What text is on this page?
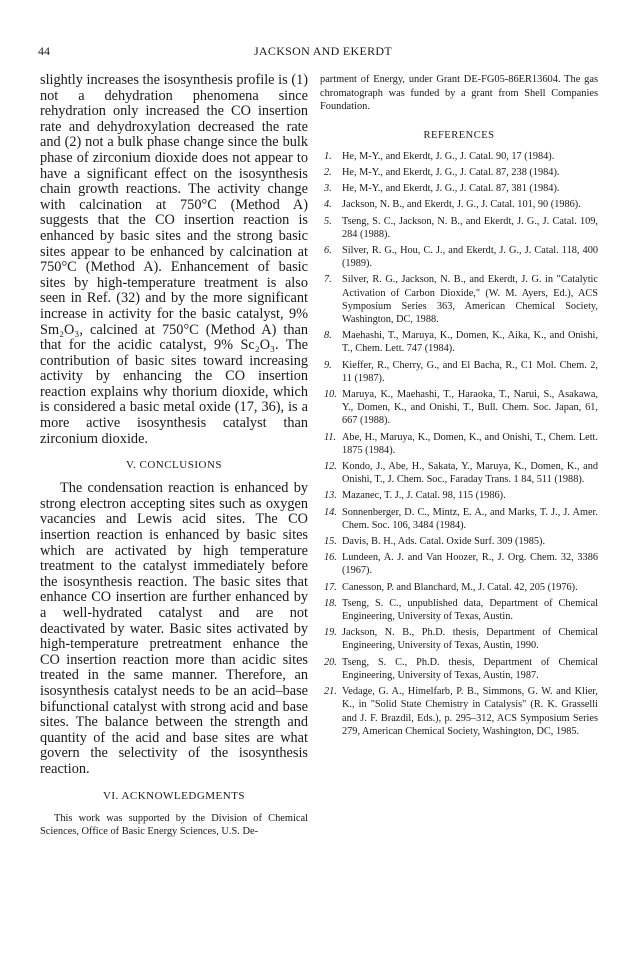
44	JACKSON AND EKERDT

slightly increases the isosynthesis profile is (1) not a dehydration phenomena since rehydration only increased the CO insertion rate and dehydroxylation decreased the rate and (2) not a bulk phase change since the bulk phase of zirconium dioxide does not appear to have a significant effect on the isosynthesis chain growth reactions. The activity change with calcination at 750°C (Method A) suggests that the CO insertion reaction is enhanced by basic sites and the strong basic sites appear to be enhanced by calcination at 750°C (Method A). Enhancement of basic sites by high-temperature treatment is also seen in Ref. (32) and by the more significant increase in activity for the basic catalyst, 9% Sm₂O₃, calcined at 750°C (Method A) than that for the acidic catalyst, 9% Sc₂O₃. The contribution of basic sites toward increasing activity by enhancing the CO insertion reaction explains why thorium dioxide, which is considered a basic metal oxide (17, 36), is a more active isosynthesis catalyst than zirconium dioxide.

V. CONCLUSIONS

The condensation reaction is enhanced by strong electron accepting sites such as oxygen vacancies and Lewis acid sites. The CO insertion reaction is enhanced by basic sites which are activated by high temperature treatment to the catalyst immediately before the isosynthesis reaction. The basic sites that enhance CO insertion are further enhanced by a well-hydrated catalyst and are not deactivated by water. Basic sites activated by high-temperature pretreatment enhance the CO insertion reaction more than acidic sites treated in the same manner. Therefore, an isosynthesis catalyst needs to be an acid–base bifunctional catalyst with strong acid and base sites. The balance between the strength and quantity of the acid and base sites are what govern the selectivity of the isosynthesis reaction.

VI. ACKNOWLEDGMENTS

This work was supported by the Division of Chemical Sciences, Office of Basic Energy Sciences, U.S. De-

partment of Energy, under Grant DE-FG05-86ER13604. The gas chromatograph was funded by a grant from Shell Companies Foundation.

REFERENCES
1. He, M-Y., and Ekerdt, J. G., J. Catal. 90, 17 (1984).
2. He, M-Y., and Ekerdt, J. G., J. Catal. 87, 238 (1984).
3. He, M-Y., and Ekerdt, J. G., J. Catal. 87, 381 (1984).
4. Jackson, N. B., and Ekerdt, J. G., J. Catal. 101, 90 (1986).
5. Tseng, S. C., Jackson, N. B., and Ekerdt, J. G., J. Catal. 109, 284 (1988).
6. Silver, R. G., Hou, C. J., and Ekerdt, J. G., J. Catal. 118, 400 (1989).
7. Silver, R. G., Jackson, N. B., and Ekerdt, J. G. in "Catalytic Activation of Carbon Dioxide," (W. M. Ayers, Ed.), ACS Symposium Series 363, American Chemical Society, Washington, DC, 1988.
8. Maehashi, T., Maruya, K., Domen, K., Aika, K., and Onishi, T., Chem. Lett. 747 (1984).
9. Kieffer, R., Cherry, G., and El Bacha, R., C1 Mol. Chem. 2, 11 (1987).
10. Maruya, K., Maehashi, T., Haraoka, T., Narui, S., Asakawa, Y., Domen, K., and Onishi, T., Bull. Chem. Soc. Japan, 61, 667 (1988).
11. Abe, H., Maruya, K., Domen, K., and Onishi, T., Chem. Lett. 1875 (1984).
12. Kondo, J., Abe, H., Sakata, Y., Maruya, K., Domen, K., and Onishi, T., J. Chem. Soc., Faraday Trans. 1 84, 511 (1988).
13. Mazanec, T. J., J. Catal. 98, 115 (1986).
14. Sonnenberger, D. C., Mintz, E. A., and Marks, T. J., J. Amer. Chem. Soc. 106, 3484 (1984).
15. Davis, B. H., Ads. Catal. Oxide Surf. 309 (1985).
16. Lundeen, A. J. and Van Hoozer, R., J. Org. Chem. 32, 3386 (1967).
17. Canesson, P. and Blanchard, M., J. Catal. 42, 205 (1976).
18. Tseng, S. C., unpublished data, Department of Chemical Engineering, University of Texas, Austin.
19. Jackson, N. B., Ph.D. thesis, Department of Chemical Engineering, University of Texas, Austin, 1990.
20. Tseng, S. C., Ph.D. thesis, Department of Chemical Engineering, University of Texas, Austin, 1987.
21. Vedage, G. A., Himelfarb, P. B., Simmons, G. W. and Klier, K., in "Solid State Chemistry in Catalysis" (R. K. Grasselli and J. F. Brazdil, Eds.), p. 295–312, ACS Symposium Series 279, American Chemical Society, Washington, DC, 1985.
